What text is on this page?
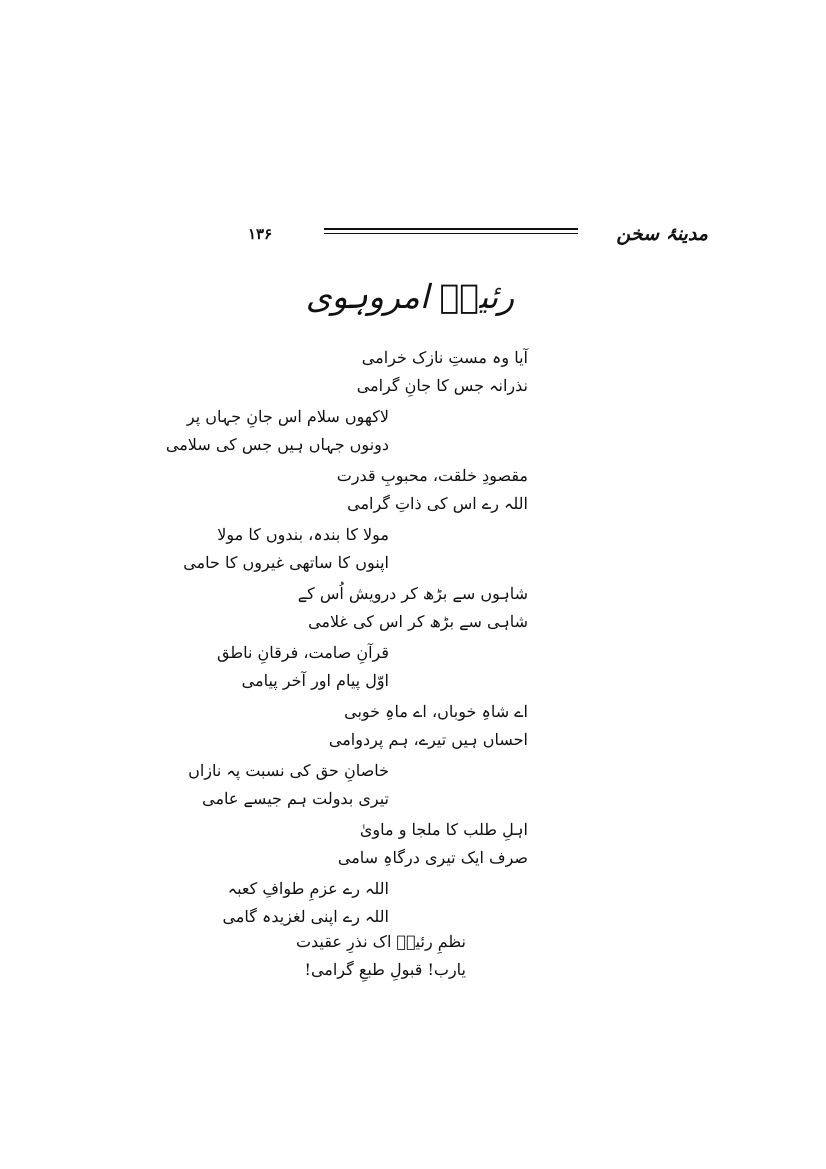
۱۳۶	مدینۂ سخن
رئیسؔ امروہوی
آیا وہ مستِ نازک خرامی
نذرانہ جس کا جانِ گرامی
لاکھوں سلام اس جانِ جہاں پر
دونوں جہاں ہیں جس کی سلامی
مقصودِ خلقت، محبوبِ قدرت
اللہ رے اس کی ذاتِ گرامی
مولا کا بندہ، بندوں کا مولا
اپنوں کا ساتھی غیروں کا حامی
شاہوں سے بڑھ کر درویش اُس کے
شاہی سے بڑھ کر اس کی غلامی
قرآنِ صامت، فرقانِ ناطق
اوّل پیام اور آخر پیامی
اے شاہِ خوباں، اے ماہِ خوبی
احساں ہیں تیرے، ہم پردوامی
خاصانِ حق کی نسبت پہ نازاں
تیری بدولت ہم جیسے عامی
اہلِ طلب کا ملجا و ماویٰ
صرف ایک تیری درگاہِ سامی
اللہ رے عزمِ طوافِ کعبہ
اللہ رے اپنی لغزیدہ گامی
نظمِ رئیسؔ اک نذرِ عقیدت
یارب! قبولِ طبعِ گرامی!
